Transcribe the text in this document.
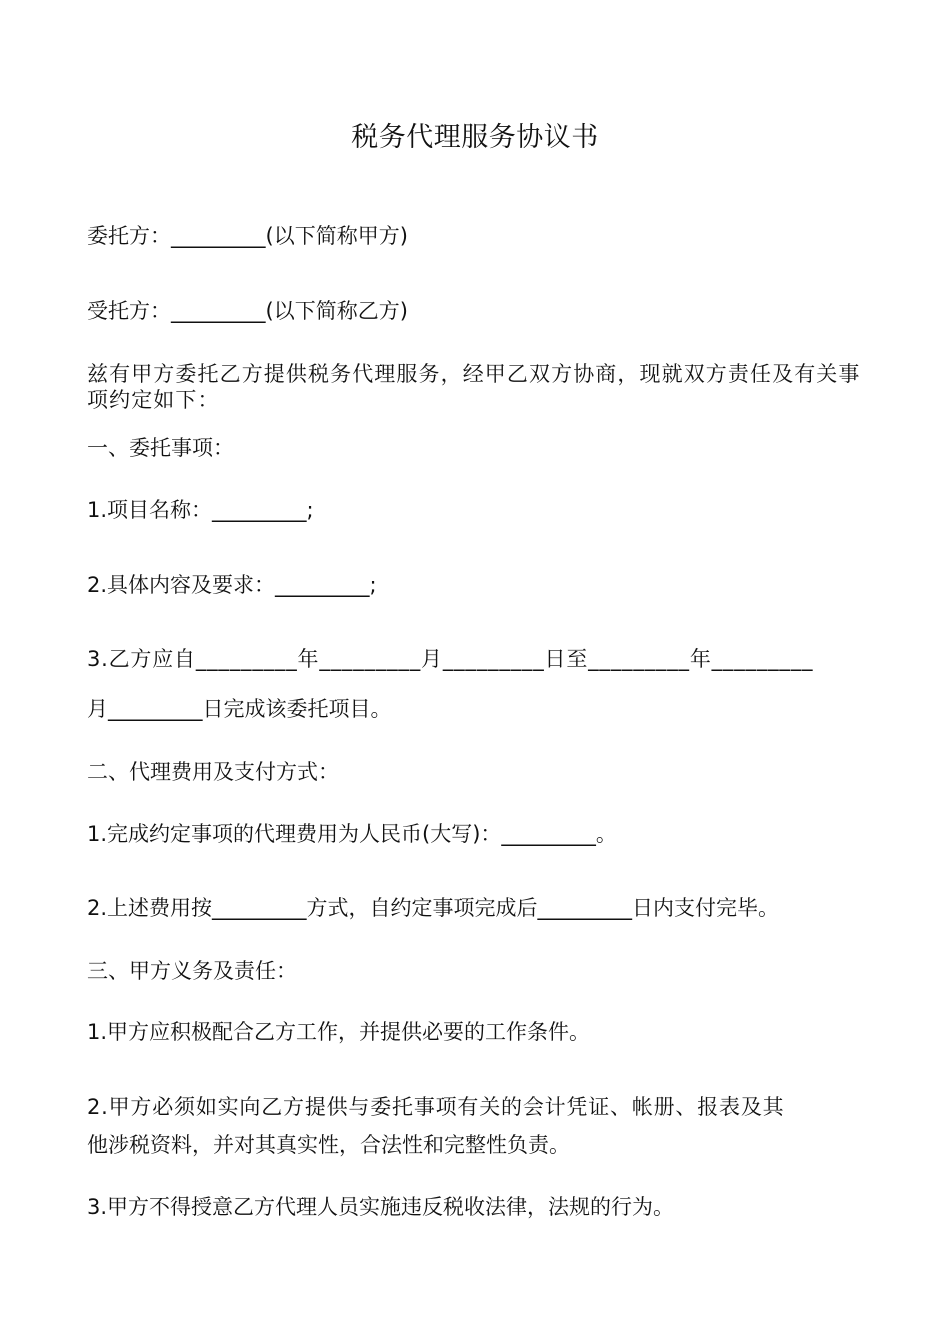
税务代理服务协议书
委托方：_________(以下简称甲方)
受托方：_________(以下简称乙方)
兹有甲方委托乙方提供税务代理服务，经甲乙双方协商，现就双方责任及有关事项约定如下：
一、委托事项：
1.项目名称：_________;
2.具体内容及要求：_________;
3.乙方应自_________年_________月_________日至_________年_________
月_________日完成该委托项目。
二、代理费用及支付方式：
1.完成约定事项的代理费用为人民币(大写)：_________。
2.上述费用按_________方式，自约定事项完成后_________日内支付完毕。
三、甲方义务及责任：
1.甲方应积极配合乙方工作，并提供必要的工作条件。
2.甲方必须如实向乙方提供与委托事项有关的会计凭证、帐册、报表及其
他涉税资料，并对其真实性，合法性和完整性负责。
3.甲方不得授意乙方代理人员实施违反税收法律，法规的行为。
